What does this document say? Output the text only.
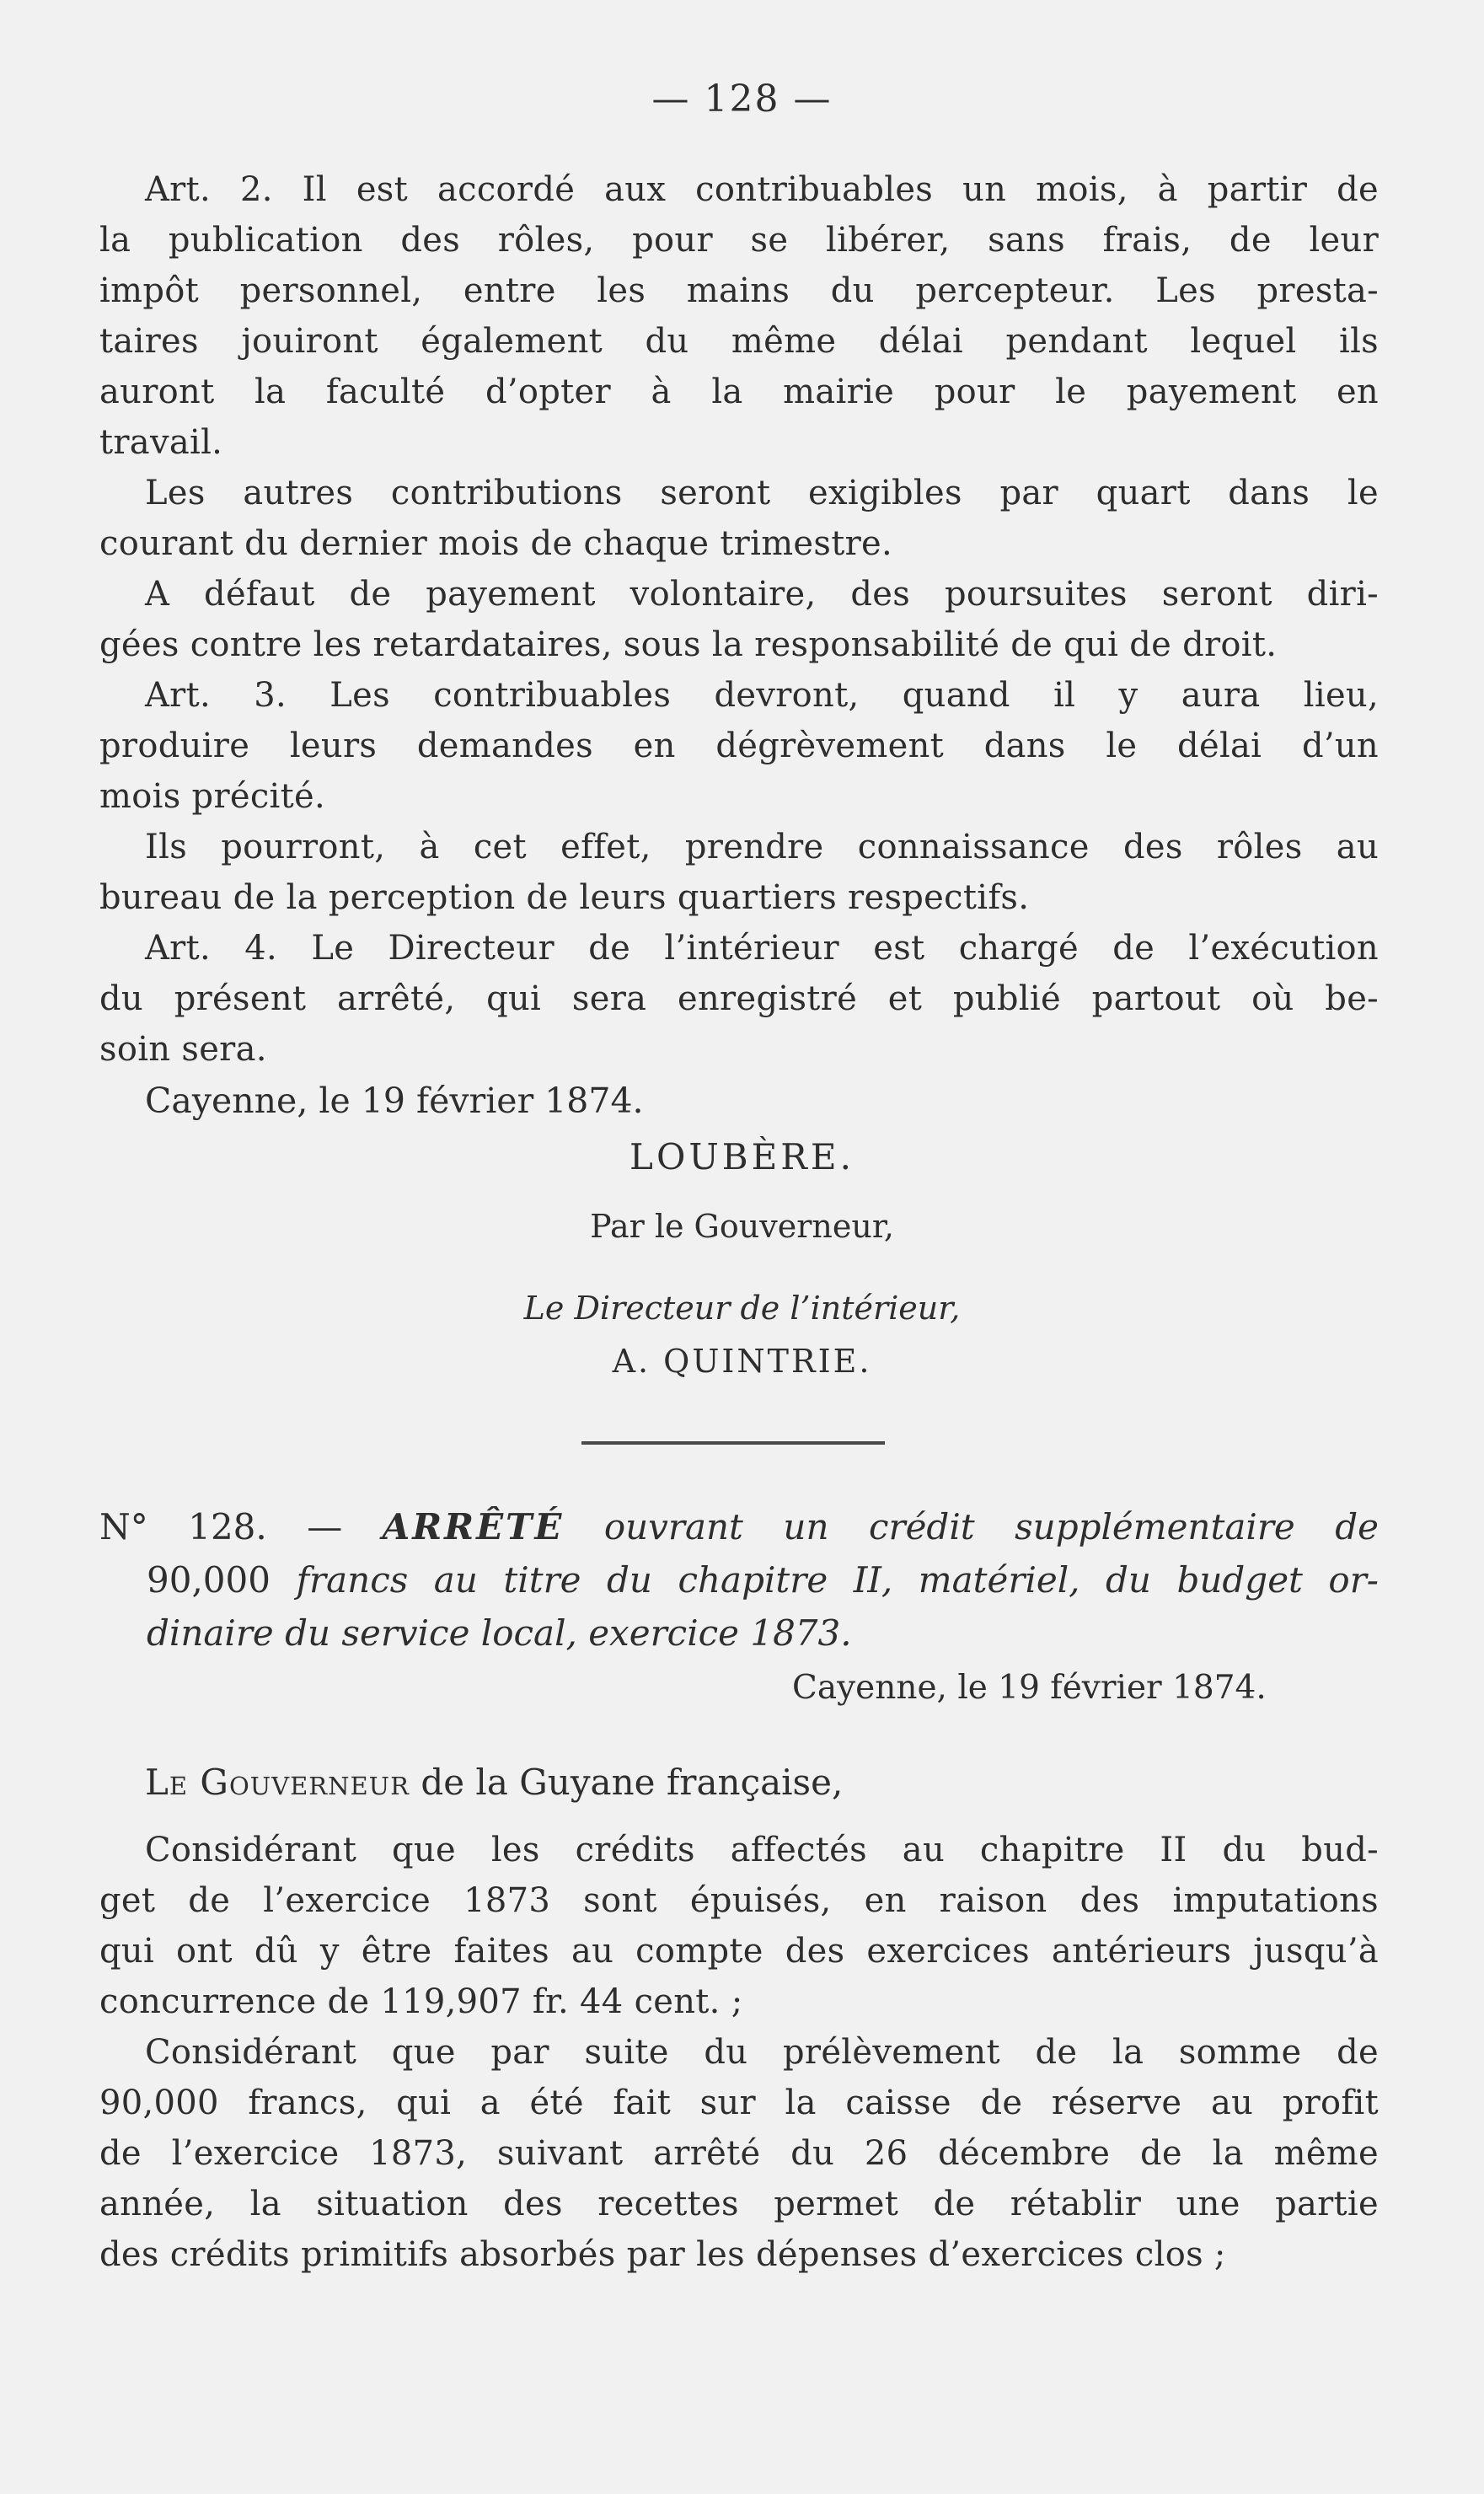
— 128 —
Art. 2. Il est accordé aux contribuables un mois, à partir de
la publication des rôles, pour se libérer, sans frais, de leur
impôt personnel, entre les mains du percepteur. Les presta-
taires jouiront également du même délai pendant lequel ils
auront la faculté d’opter à la mairie pour le payement en
travail.
Les autres contributions seront exigibles par quart dans le
courant du dernier mois de chaque trimestre.
A défaut de payement volontaire, des poursuites seront diri-
gées contre les retardataires, sous la responsabilité de qui de droit.
Art. 3. Les contribuables devront, quand il y aura lieu,
produire leurs demandes en dégrèvement dans le délai d’un
mois précité.
Ils pourront, à cet effet, prendre connaissance des rôles au
bureau de la perception de leurs quartiers respectifs.
Art. 4. Le Directeur de l’intérieur est chargé de l’exécution
du présent arrêté, qui sera enregistré et publié partout où be-
soin sera.
Cayenne, le 19 février 1874.
LOUBÈRE.
Par le Gouverneur,
Le Directeur de l’intérieur,
A. QUINTRIE.
N° 128. — ARRÊTÉ ouvrant un crédit supplémentaire de
90,000 francs au titre du chapitre II, matériel, du budget or-
dinaire du service local, exercice 1873.
Cayenne, le 19 février 1874.
Le Gouverneur de la Guyane française,
Considérant que les crédits affectés au chapitre II du bud-
get de l’exercice 1873 sont épuisés, en raison des imputations
qui ont dû y être faites au compte des exercices antérieurs jusqu’à
concurrence de 119,907 fr. 44 cent. ;
Considérant que par suite du prélèvement de la somme de
90,000 francs, qui a été fait sur la caisse de réserve au profit
de l’exercice 1873, suivant arrêté du 26 décembre de la même
année, la situation des recettes permet de rétablir une partie
des crédits primitifs absorbés par les dépenses d’exercices clos ;
